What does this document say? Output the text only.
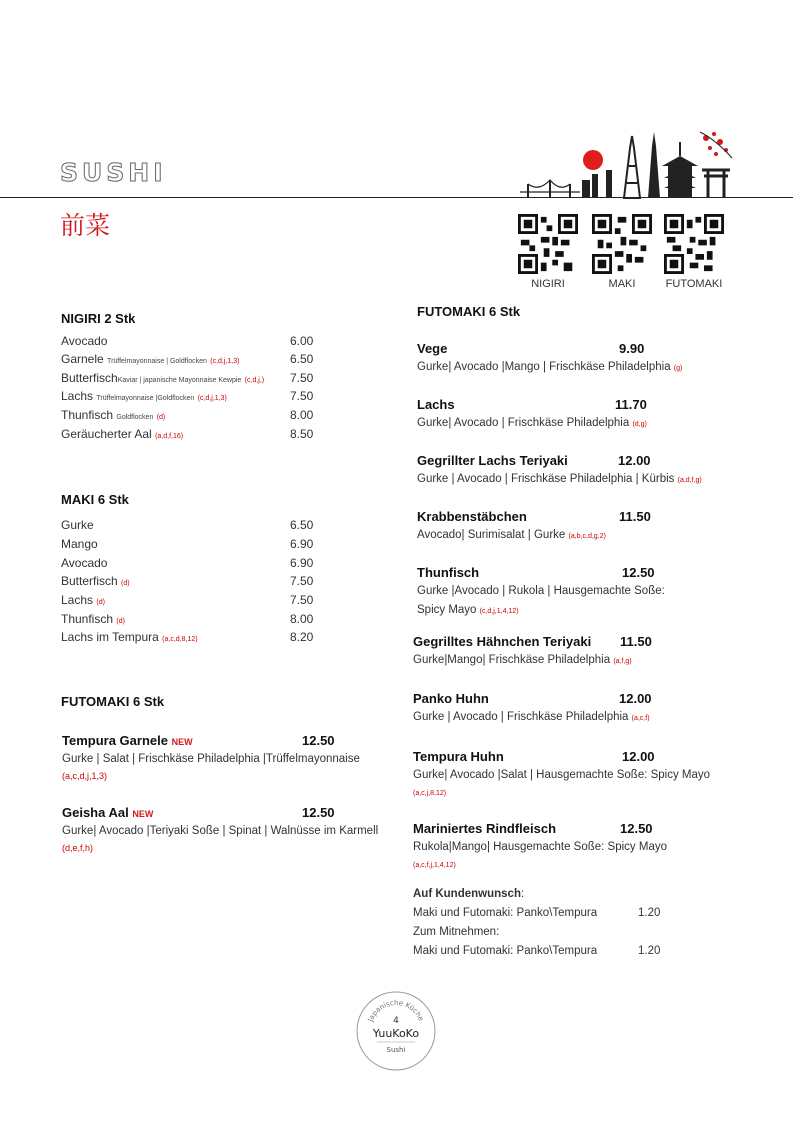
SUSHI
前菜
NIGIRI	MAKI	FUTOMAKI
NIGIRI 2 Stk
Avocado	6.00
Garnele Trüffelmayonnaise | Goldflocken (c,d,j,1,3)	6.50
ButterfischKaviar | japanische Mayonnaise Kewpie (c,d,j,) 7.50
Lachs Trüffelmayonnaise |Goldflocken (c,d,j,1,3)	7.50
Thunfisch Goldflocken (d)	8.00
Geräucherter Aal (a,d,f,16)	8.50
MAKI 6 Stk
Gurke	6.50
Mango	6.90
Avocado	6.90
Butterfisch (d)	7.50
Lachs (d)	7.50
Thunfisch (d)	8.00
Lachs im Tempura (a,c,d,8,12)	8.20
FUTOMAKI 6 Stk
Tempura Garnele NEW	12.50
Gurke | Salat | Frischkäse Philadelphia |Trüffelmayonnaise
(a,c,d,j,1,3)
Geisha Aal NEW	12.50
Gurke| Avocado |Teriyaki Soße | Spinat | Walnüsse im Karmell
(d,e,f,h)
FUTOMAKI 6 Stk
Vege	9.90
Gurke| Avocado |Mango | Frischkäse Philadelphia (g)
Lachs	11.70
Gurke| Avocado | Frischkäse Philadelphia (d,g)
Gegrillter Lachs Teriyaki	12.00
Gurke | Avocado | Frischkäse Philadelphia | Kürbis (a,d,f,g)
Krabbenstäbchen	11.50
Avocado| Surimisalat | Gurke (a,b,c,d,g,2)
Thunfisch	12.50
Gurke |Avocado | Rukola | Hausgemachte Soße:
Spicy Mayo (c,d,j,1,4,12)
Gegrilltes Hähnchen Teriyaki 11.50
Gurke|Mango| Frischkäse Philadelphia (a,f,g)
Panko Huhn	12.00
Gurke | Avocado | Frischkäse Philadelphia (a,c,f)
Tempura Huhn	12.00
Gurke| Avocado |Salat | Hausgemachte Soße: Spicy Mayo
(a,c,j,8,12)
Mariniertes Rindfleisch	12.50
Rukola|Mango| Hausgemachte Soße: Spicy Mayo
(a,c,f,j,1,4,12)
Auf Kundenwunsch:
Maki und Futomaki: Panko\Tempura	1.20
Zum Mitnehmen:
Maki und Futomaki: Panko\Tempura	1.20
Japanische Küche
4
YuuKoKo
Sushi
